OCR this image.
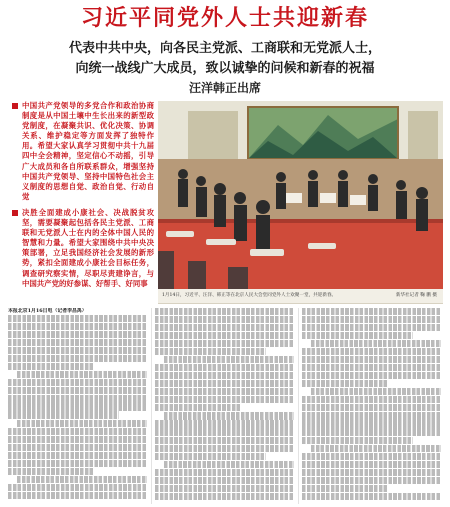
习近平同党外人士共迎新春
代表中共中央，向各民主党派、工商联和无党派人士，
向统一战线广大成员，致以诚挚的问候和新春的祝福
汪洋韩正出席
中国共产党领导的多党合作和政治协商制度是从中国土壤中生长出来的新型政党制度，在凝聚共识、优化决策、协调关系、维护稳定等方面发挥了独特作用。希望大家认真学习贯彻中共十九届四中全会精神，坚定信心不动摇，引导广大成员和各自所联系群众，增强坚持中国共产党领导、坚持中国特色社会主义制度的思想自觉、政治自觉、行动自觉
决胜全面建成小康社会、决战脱贫攻坚，需要凝聚起包括各民主党派、工商联和无党派人士在内的全体中国人民的智慧和力量。希望大家围绕中共中央决策部署，立足我国经济社会发展的新形势，紧扣全面建成小康社会目标任务，调查研究察实情，尽职尽责建诤言，与中国共产党的好参谋、好帮手、好同事
1月14日，习近平、汪洋、韩正等在北京人民大会堂同党外人士欢聚一堂，共迎新春。	新华社记者 鞠 鹏 摄
本报北京1月16日电（记者李昌禹）
